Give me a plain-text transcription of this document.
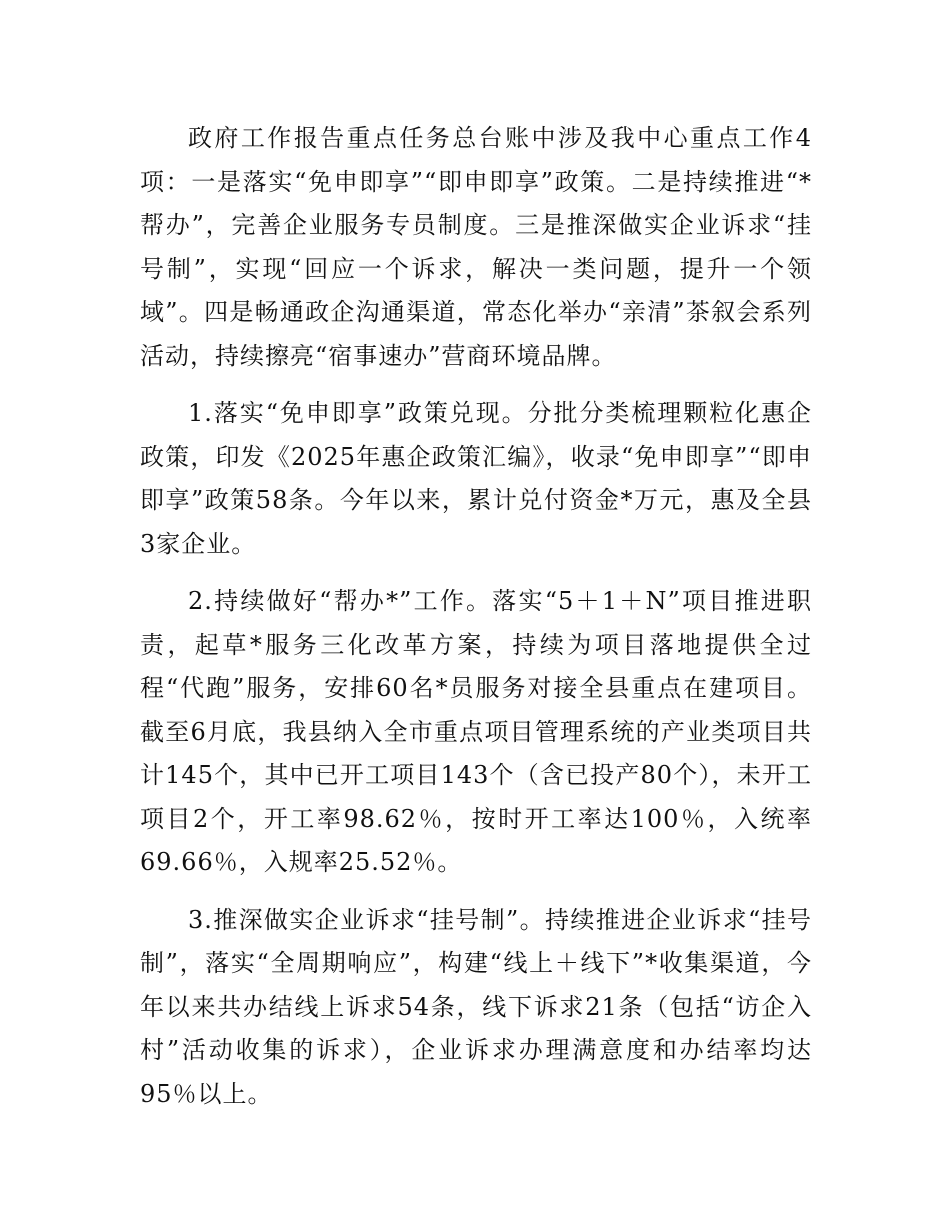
政府工作报告重点任务总台账中涉及我中心重点工作4项：一是落实“免申即享”“即申即享”政策。二是持续推进“*帮办”，完善企业服务专员制度。三是推深做实企业诉求“挂号制”，实现“回应一个诉求，解决一类问题，提升一个领域”。四是畅通政企沟通渠道，常态化举办“亲清”茶叙会系列活动，持续擦亮“宿事速办”营商环境品牌。

1.落实“免申即享”政策兑现。分批分类梳理颗粒化惠企政策，印发《2025年惠企政策汇编》，收录“免申即享”“即申即享”政策58条。今年以来，累计兑付资金*万元，惠及全县3家企业。

2.持续做好“帮办*”工作。落实“5＋1＋N”项目推进职责，起草*服务三化改革方案，持续为项目落地提供全过程“代跑”服务，安排60名*员服务对接全县重点在建项目。截至6月底，我县纳入全市重点项目管理系统的产业类项目共计145个，其中已开工项目143个（含已投产80个），未开工项目2个，开工率98.62％，按时开工率达100％，入统率69.66％，入规率25.52％。

3.推深做实企业诉求“挂号制”。持续推进企业诉求“挂号制”，落实“全周期响应”，构建“线上＋线下”*收集渠道，今年以来共办结线上诉求54条，线下诉求21条（包括“访企入村”活动收集的诉求），企业诉求办理满意度和办结率均达95％以上。
